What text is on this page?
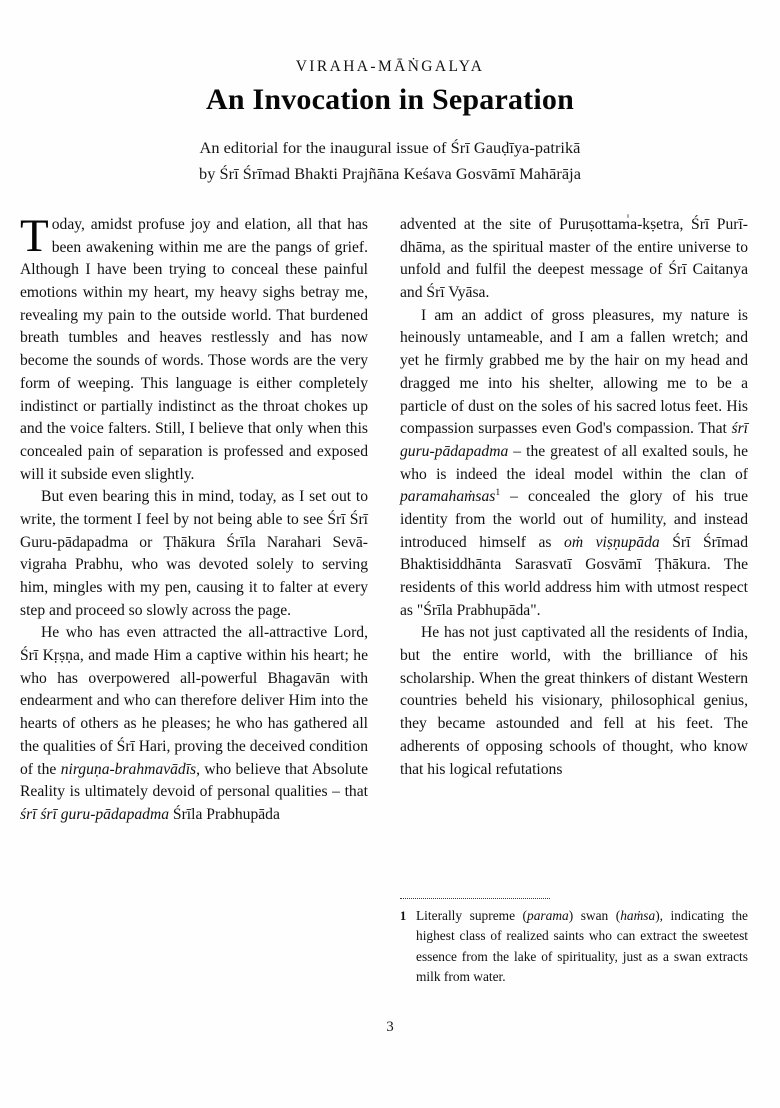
VIRAHA-MĀṄGALYA
An Invocation in Separation

An editorial for the inaugural issue of Śrī Gauḍīya-patrikā

by Śrī Śrīmad Bhakti Prajñāna Keśava Gosvāmī Mahārāja

Today, amidst profuse joy and elation, all that has been awakening within me are the pangs of grief. Although I have been trying to conceal these painful emotions within my heart, my heavy sighs betray me, revealing my pain to the outside world. That burdened breath tumbles and heaves restlessly and has now become the sounds of words. Those words are the very form of weeping. This language is either completely indistinct or partially indistinct as the throat chokes up and the voice falters. Still, I believe that only when this concealed pain of separation is professed and exposed will it subside even slightly.

But even bearing this in mind, today, as I set out to write, the torment I feel by not being able to see Śrī Śrī Guru-pādapadma or Ṭhākura Śrīla Narahari Sevā-vigraha Prabhu, who was devoted solely to serving him, mingles with my pen, causing it to falter at every step and proceed so slowly across the page.

He who has even attracted the all-attractive Lord, Śrī Kṛṣṇa, and made Him a captive within his heart; he who has overpowered all-powerful Bhagavān with endearment and who can therefore deliver Him into the hearts of others as he pleases; he who has gathered all the qualities of Śrī Hari, proving the deceived condition of the nirguṇa-brahmavādīs, who believe that Absolute Reality is ultimately devoid of personal qualities – that śrī śrī guru-pādapadma Śrīla Prabhupāda

advented at the site of Puruṣottama-kṣetra, Śrī Purī-dhāma, as the spiritual master of the entire universe to unfold and fulfil the deepest message of Śrī Caitanya and Śrī Vyāsa.

I am an addict of gross pleasures, my nature is heinously untameable, and I am a fallen wretch; and yet he firmly grabbed me by the hair on my head and dragged me into his shelter, allowing me to be a particle of dust on the soles of his sacred lotus feet. His compassion surpasses even God's compassion. That śrī guru-pādapadma – the greatest of all exalted souls, he who is indeed the ideal model within the clan of paramahaṁsas$^1$ – concealed the glory of his true identity from the world out of humility, and instead introduced himself as oṁ viṣṇupāda Śrī Śrīmad Bhaktisiddhānta Sarasvatī Gosvāmī Ṭhākura. The residents of this world address him with utmost respect as "Śrīla Prabhupāda".

He has not just captivated all the residents of India, but the entire world, with the brilliance of his scholarship. When the great thinkers of distant Western countries beheld his visionary, philosophical genius, they became astounded and fell at his feet. The adherents of opposing schools of thought, who know that his logical refutations

1 Literally supreme (parama) swan (haṁsa), indicating the highest class of realized saints who can extract the sweetest essence from the lake of spirituality, just as a swan extracts milk from water.
3
